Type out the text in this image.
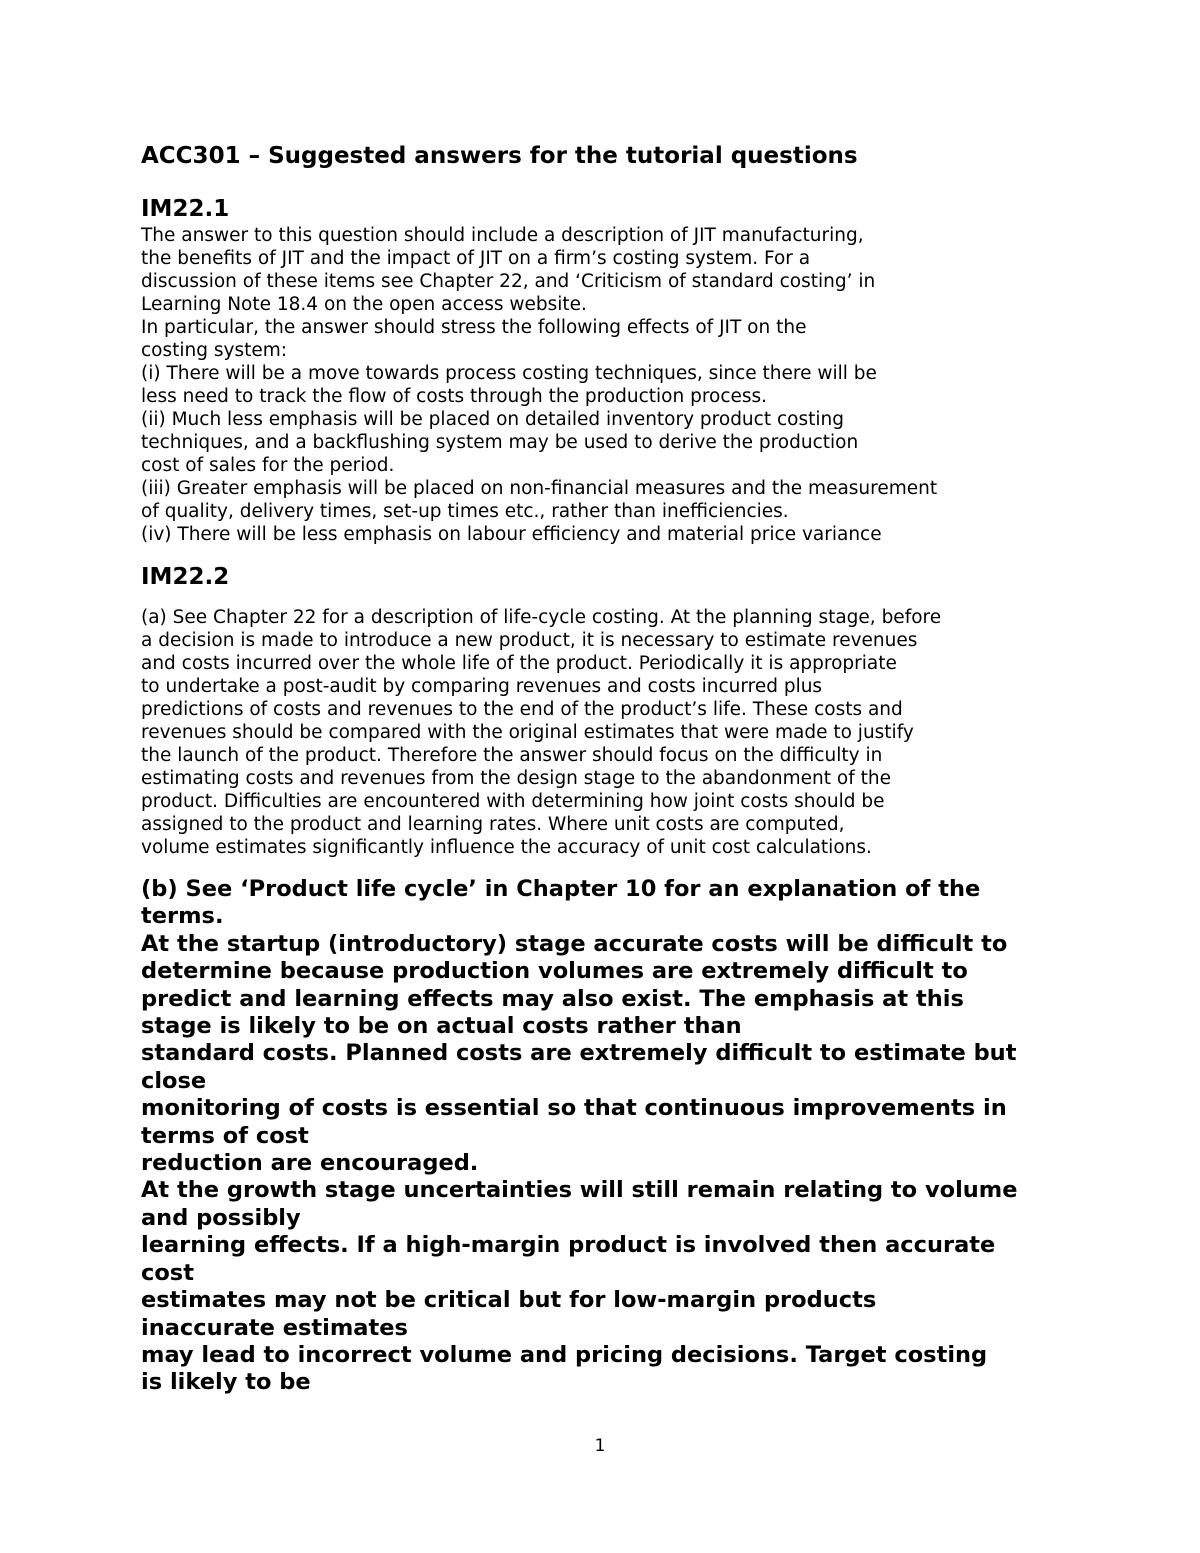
ACC301 – Suggested answers for the tutorial questions
IM22.1
The answer to this question should include a description of JIT manufacturing,
the benefits of JIT and the impact of JIT on a firm’s costing system. For a
discussion of these items see Chapter 22, and ‘Criticism of standard costing’ in
Learning Note 18.4 on the open access website.
In particular, the answer should stress the following effects of JIT on the
costing system:
(i) There will be a move towards process costing techniques, since there will be
less need to track the flow of costs through the production process.
(ii) Much less emphasis will be placed on detailed inventory product costing
techniques, and a backflushing system may be used to derive the production
cost of sales for the period.
(iii) Greater emphasis will be placed on non-financial measures and the measurement
of quality, delivery times, set-up times etc., rather than inefficiencies.
(iv) There will be less emphasis on labour efficiency and material price variance
IM22.2
(a) See Chapter 22 for a description of life-cycle costing. At the planning stage, before
a decision is made to introduce a new product, it is necessary to estimate revenues
and costs incurred over the whole life of the product. Periodically it is appropriate
to undertake a post-audit by comparing revenues and costs incurred plus
predictions of costs and revenues to the end of the product’s life. These costs and
revenues should be compared with the original estimates that were made to justify
the launch of the product. Therefore the answer should focus on the difficulty in
estimating costs and revenues from the design stage to the abandonment of the
product. Difficulties are encountered with determining how joint costs should be
assigned to the product and learning rates. Where unit costs are computed,
volume estimates significantly influence the accuracy of unit cost calculations.
(b) See ‘Product life cycle’ in Chapter 10 for an explanation of the
terms.
At the startup (introductory) stage accurate costs will be difficult to
determine because production volumes are extremely difficult to
predict and learning effects may also exist. The emphasis at this
stage is likely to be on actual costs rather than
standard costs. Planned costs are extremely difficult to estimate but
close
monitoring of costs is essential so that continuous improvements in
terms of cost
reduction are encouraged.
At the growth stage uncertainties will still remain relating to volume
and possibly
learning effects. If a high-margin product is involved then accurate
cost
estimates may not be critical but for low-margin products
inaccurate estimates
may lead to incorrect volume and pricing decisions. Target costing
is likely to be
1
